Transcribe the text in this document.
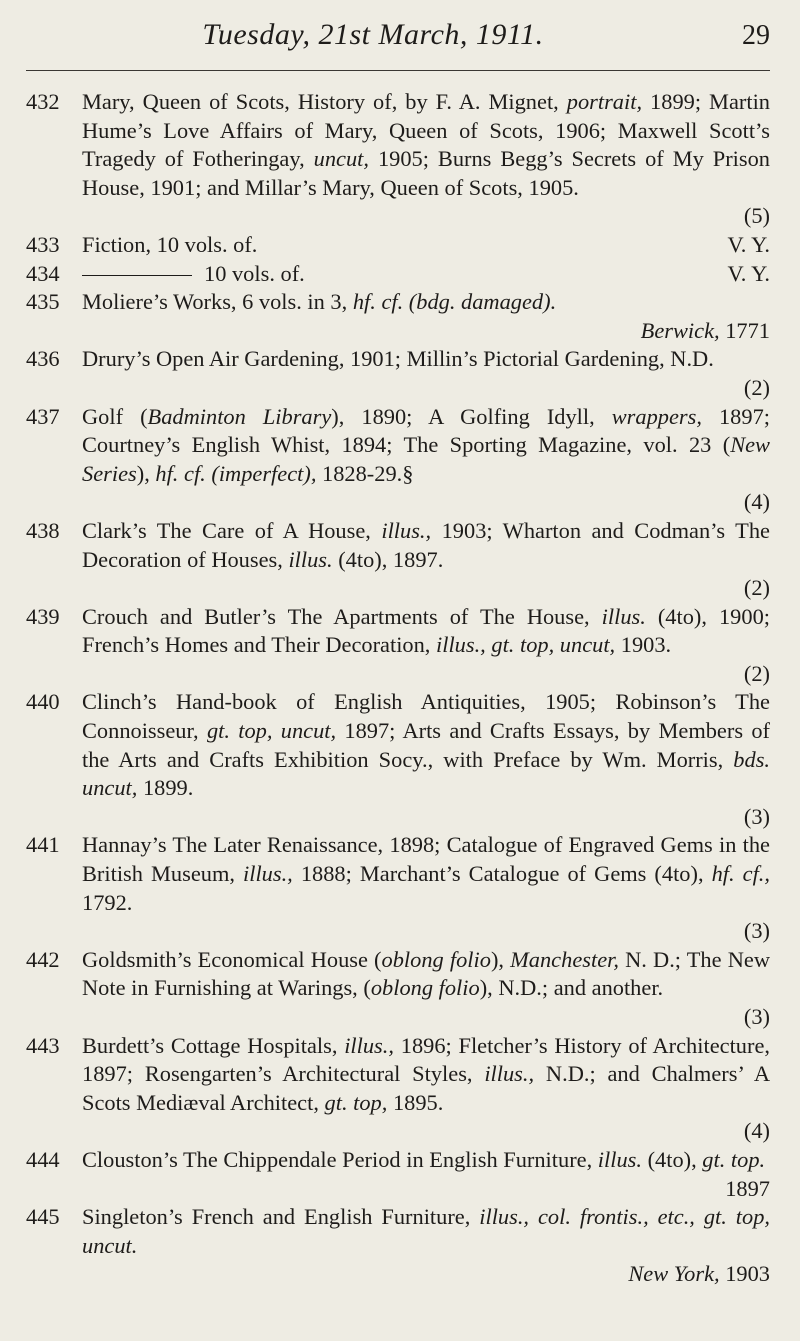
Tuesday, 21st March, 1911.	29
432	Mary, Queen of Scots, History of, by F. A. Mignet, portrait, 1899; Martin Hume’s Love Affairs of Mary, Queen of Scots, 1906; Maxwell Scott’s Tragedy of Fotheringay, uncut, 1905; Burns Begg’s Secrets of My Prison House, 1901; and Millar’s Mary, Queen of Scots, 1905.
(5)
433	Fiction, 10 vols. of.	V. Y.
434	10 vols. of.	V. Y.
435	Moliere’s Works, 6 vols. in 3, hf. cf. (bdg. damaged).
Berwick, 1771
436	Drury’s Open Air Gardening, 1901; Millin’s Pictorial Gardening, N.D.
(2)
437	Golf (Badminton Library), 1890; A Golfing Idyll, wrappers, 1897; Courtney’s English Whist, 1894; The Sporting Magazine, vol. 23 (New Series), hf. cf. (imperfect), 1828-29.§
(4)
438	Clark’s The Care of A House, illus., 1903; Wharton and Codman’s The Decoration of Houses, illus. (4to), 1897.
(2)
439	Crouch and Butler’s The Apartments of The House, illus. (4to), 1900; French’s Homes and Their Decoration, illus., gt. top, uncut, 1903.
(2)
440	Clinch’s Hand-book of English Antiquities, 1905; Robinson’s The Connoisseur, gt. top, uncut, 1897; Arts and Crafts Essays, by Members of the Arts and Crafts Exhibition Socy., with Preface by Wm. Morris, bds. uncut, 1899.
(3)
441	Hannay’s The Later Renaissance, 1898; Catalogue of Engraved Gems in the British Museum, illus., 1888; Marchant’s Catalogue of Gems (4to), hf. cf., 1792.
(3)
442	Goldsmith’s Economical House (oblong folio), Manchester, N. D.; The New Note in Furnishing at Warings, (oblong folio), N.D.; and another.
(3)
443	Burdett’s Cottage Hospitals, illus., 1896; Fletcher’s History of Architecture, 1897; Rosengarten’s Architectural Styles, illus., N.D.; and Chalmers’ A Scots Mediæval Architect, gt. top, 1895.
(4)
444	Clouston’s The Chippendale Period in English Furniture, illus. (4to), gt. top.
1897
445	Singleton’s French and English Furniture, illus., col. frontis., etc., gt. top, uncut.
New York, 1903
